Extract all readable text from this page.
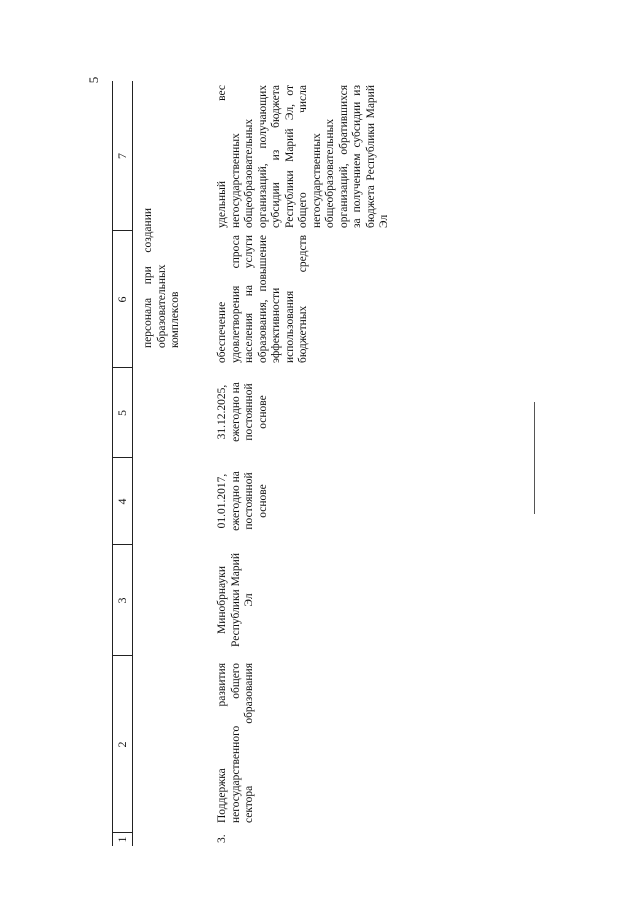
5
1
2
3
4
5
6
7
персонала при создании образовательных комплексов
3.
Поддержка развития негосударственного общего сектора образования
Минобрнауки Республики Марий Эл
01.01.2017, ежегодно на постоянной основе
31.12.2025, ежегодно на постоянной основе
обеспечение удовлетворения спроса населения на услуги образования, повышение эффективности использования бюджетных средств
удельный вес негосударственных общеобразовательных организаций, получающих субсидии из бюджета Республики Марий Эл, от общего числа негосударственных общеобразовательных организаций, обратившихся за получением субсидии из бюджета Республики Марий Эл
